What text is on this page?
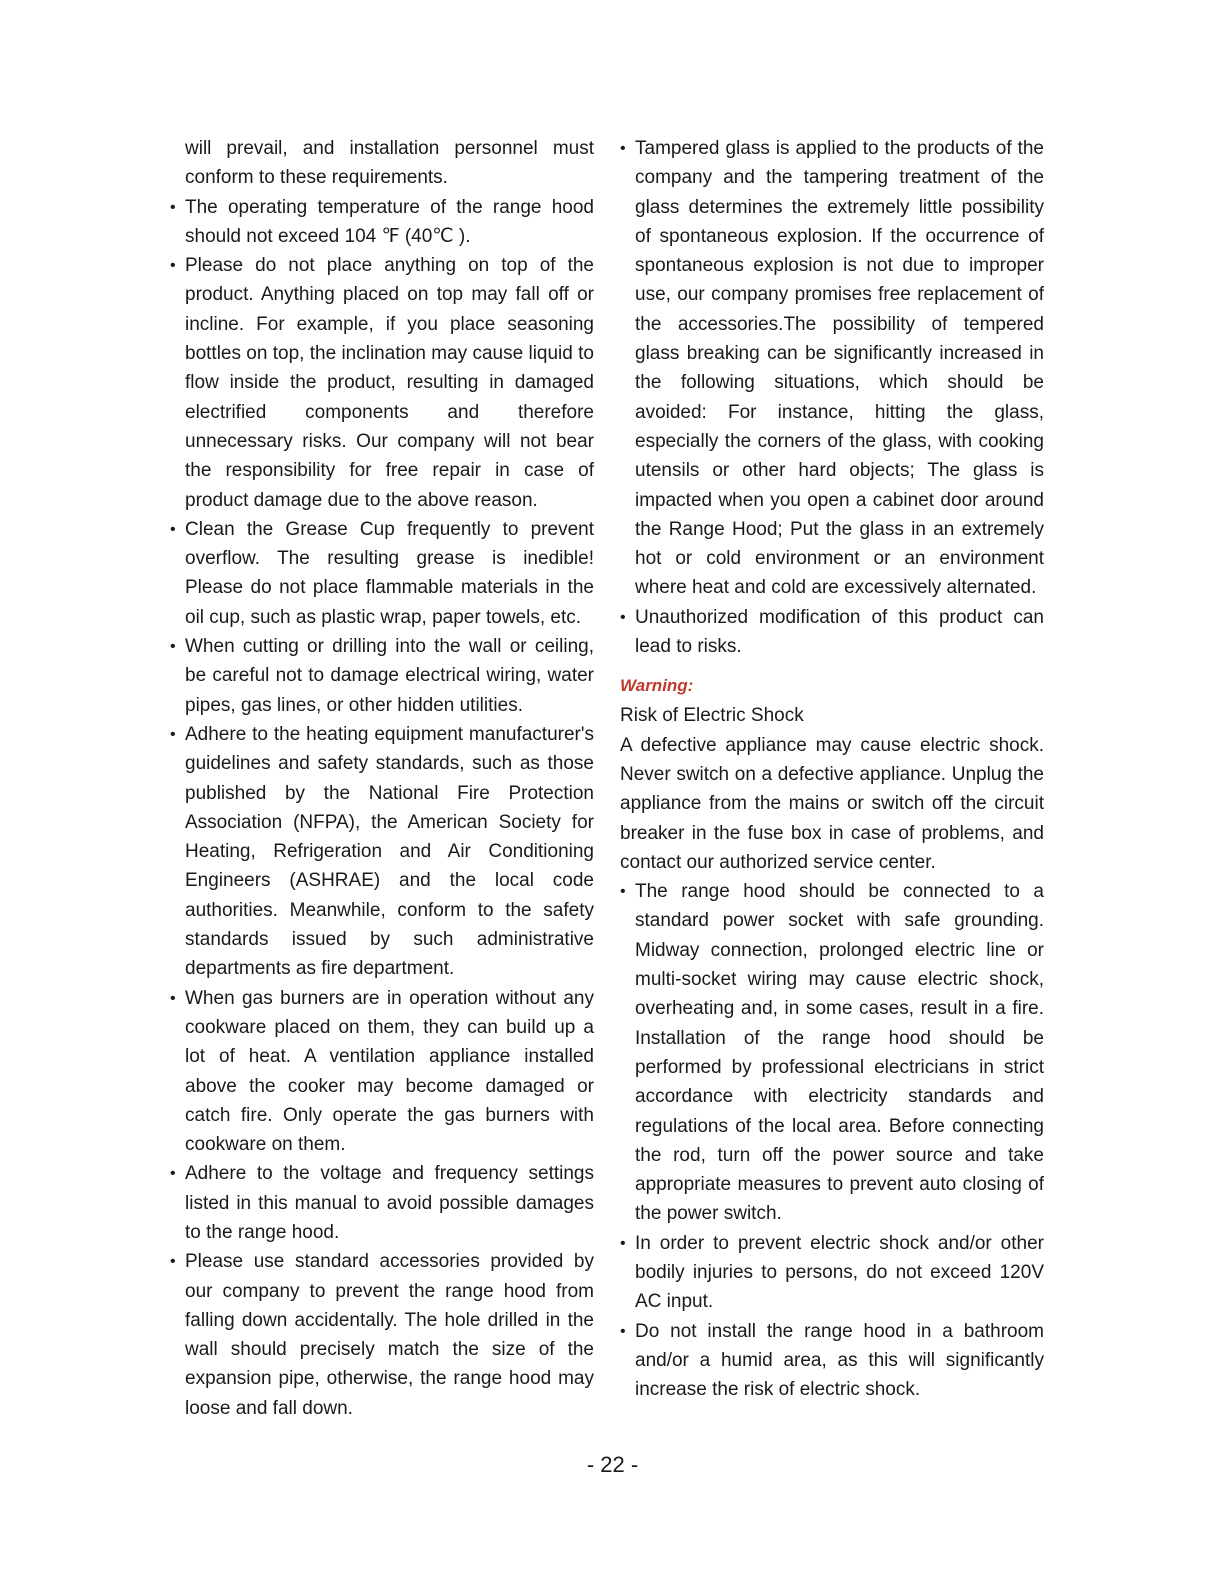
will prevail, and installation personnel must conform to these requirements.

• The operating temperature of the range hood should not exceed 104 ℉ (40℃ ).
• Please do not place anything on top of the product. Anything placed on top may fall off or incline. For example, if you place seasoning bottles on top, the inclination may cause liquid to flow inside the product, resulting in damaged electrified components and therefore unnecessary risks. Our company will not bear the responsibility for free repair in case of product damage due to the above reason.
• Clean the Grease Cup frequently to prevent overflow. The resulting grease is inedible! Please do not place flammable materials in the oil cup, such as plastic wrap, paper towels, etc.
• When cutting or drilling into the wall or ceiling, be careful not to damage electrical wiring, water pipes, gas lines, or other hidden utilities.
• Adhere to the heating equipment manufacturer's guidelines and safety standards, such as those published by the National Fire Protection Association (NFPA), the American Society for Heating, Refrigeration and Air Conditioning Engineers (ASHRAE) and the local code authorities. Meanwhile, conform to the safety standards issued by such administrative departments as fire department.
• When gas burners are in operation without any cookware placed on them, they can build up a lot of heat. A ventilation appliance installed above the cooker may become damaged or catch fire. Only operate the gas burners with cookware on them.
• Adhere to the voltage and frequency settings listed in this manual to avoid possible damages to the range hood.
• Please use standard accessories provided by our company to prevent the range hood from falling down accidentally. The hole drilled in the wall should precisely match the size of the expansion pipe, otherwise, the range hood may loose and fall down.
• Tampered glass is applied to the products of the company and the tampering treatment of the glass determines the extremely little possibility of spontaneous explosion. If the occurrence of spontaneous explosion is not due to improper use, our company promises free replacement of the accessories.The possibility of tempered glass breaking can be significantly increased in the following situations, which should be avoided: For instance, hitting the glass, especially the corners of the glass, with cooking utensils or other hard objects; The glass is impacted when you open a cabinet door around the Range Hood; Put the glass in an extremely hot or cold environment or an environment where heat and cold are excessively alternated.
• Unauthorized modification of this product can lead to risks.

Warning:

Risk of Electric Shock

A defective appliance may cause electric shock. Never switch on a defective appliance. Unplug the appliance from the mains or switch off the circuit breaker in the fuse box in case of problems, and contact our authorized service center.

• The range hood should be connected to a standard power socket with safe grounding. Midway connection, prolonged electric line or multi-socket wiring may cause electric shock, overheating and, in some cases, result in a fire. Installation of the range hood should be performed by professional electricians in strict accordance with electricity standards and regulations of the local area. Before connecting the rod, turn off the power source and take appropriate measures to prevent auto closing of the power switch.
• In order to prevent electric shock and/or other bodily injuries to persons, do not exceed 120V AC input.
• Do not install the range hood in a bathroom and/or a humid area, as this will significantly increase the risk of electric shock.
- 22 -
